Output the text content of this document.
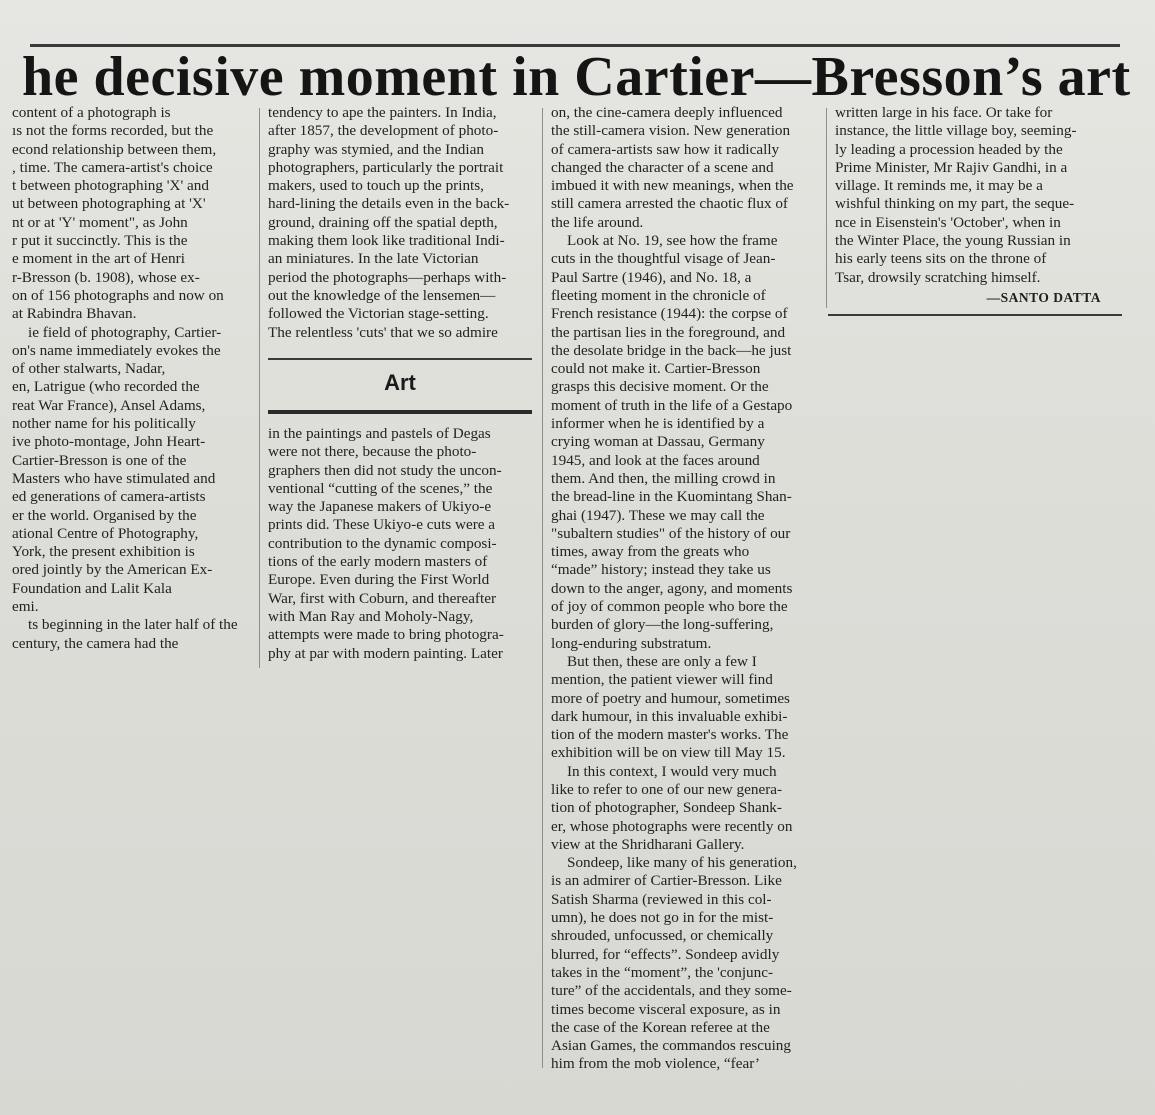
he decisive moment in Cartier—Bresson’s art

content of a photograph is

ıs not the forms recorded, but the

econd relationship between them,

, time. The camera-artist's choice

t between photographing 'X' and

ut between photographing at 'X'

nt or at 'Y' moment", as John

r put it succinctly. This is the

e moment in the art of Henri

r-Bresson (b. 1908), whose ex-

on of 156 photographs and now on

at Rabindra Bhavan.

ie field of photography, Cartier-

on's name immediately evokes the

of other stalwarts, Nadar,

en, Latrigue (who recorded the

reat War France), Ansel Adams,

nother name for his politically

ive photo-montage, John Heart-

Cartier-Bresson is one of the

Masters who have stimulated and

ed generations of camera-artists

er the world. Organised by the

ational Centre of Photography,

York, the present exhibition is

ored jointly by the American Ex-

Foundation and Lalit Kala

emi.

ts beginning in the later half of the

century, the camera had the

tendency to ape the painters. In India,

after 1857, the development of photo-

graphy was stymied, and the Indian

photographers, particularly the portrait

makers, used to touch up the prints,

hard-lining the details even in the back-

ground, draining off the spatial depth,

making them look like traditional Indi-

an miniatures. In the late Victorian

period the photographs—perhaps with-

out the knowledge of the lensemen—

followed the Victorian stage-setting.

The relentless 'cuts' that we so admire

Art

in the paintings and pastels of Degas

were not there, because the photo-

graphers then did not study the uncon-

ventional “cutting of the scenes,” the

way the Japanese makers of Ukiyo-e

prints did. These Ukiyo-e cuts were a

contribution to the dynamic composi-

tions of the early modern masters of

Europe. Even during the First World

War, first with Coburn, and thereafter

with Man Ray and Moholy-Nagy,

attempts were made to bring photogra-

phy at par with modern painting. Later

on, the cine-camera deeply influenced

the still-camera vision. New generation

of camera-artists saw how it radically

changed the character of a scene and

imbued it with new meanings, when the

still camera arrested the chaotic flux of

the life around.

Look at No. 19, see how the frame

cuts in the thoughtful visage of Jean-

Paul Sartre (1946), and No. 18, a

fleeting moment in the chronicle of

French resistance (1944): the corpse of

the partisan lies in the foreground, and

the desolate bridge in the back—he just

could not make it. Cartier-Bresson

grasps this decisive moment. Or the

moment of truth in the life of a Gestapo

informer when he is identified by a

crying woman at Dassau, Germany

1945, and look at the faces around

them. And then, the milling crowd in

the bread-line in the Kuomintang Shan-

ghai (1947). These we may call the

"subaltern studies" of the history of our

times, away from the greats who

“made” history; instead they take us

down to the anger, agony, and moments

of joy of common people who bore the

burden of glory—the long-suffering,

long-enduring substratum.

But then, these are only a few I

mention, the patient viewer will find

more of poetry and humour, sometimes

dark humour, in this invaluable exhibi-

tion of the modern master's works. The

exhibition will be on view till May 15.

In this context, I would very much

like to refer to one of our new genera-

tion of photographer, Sondeep Shank-

er, whose photographs were recently on

view at the Shridharani Gallery.

Sondeep, like many of his generation,

is an admirer of Cartier-Bresson. Like

Satish Sharma (reviewed in this col-

umn), he does not go in for the mist-

shrouded, unfocussed, or chemically

blurred, for “effects”. Sondeep avidly

takes in the “moment”, the 'conjunc-

ture” of the accidentals, and they some-

times become visceral exposure, as in

the case of the Korean referee at the

Asian Games, the commandos rescuing

him from the mob violence, “fear’

written large in his face. Or take for

instance, the little village boy, seeming-

ly leading a procession headed by the

Prime Minister, Mr Rajiv Gandhi, in a

village. It reminds me, it may be a

wishful thinking on my part, the seque-

nce in Eisenstein's 'October', when in

the Winter Place, the young Russian in

his early teens sits on the throne of

Tsar, drowsily scratching himself.

—SANTO DATTA
